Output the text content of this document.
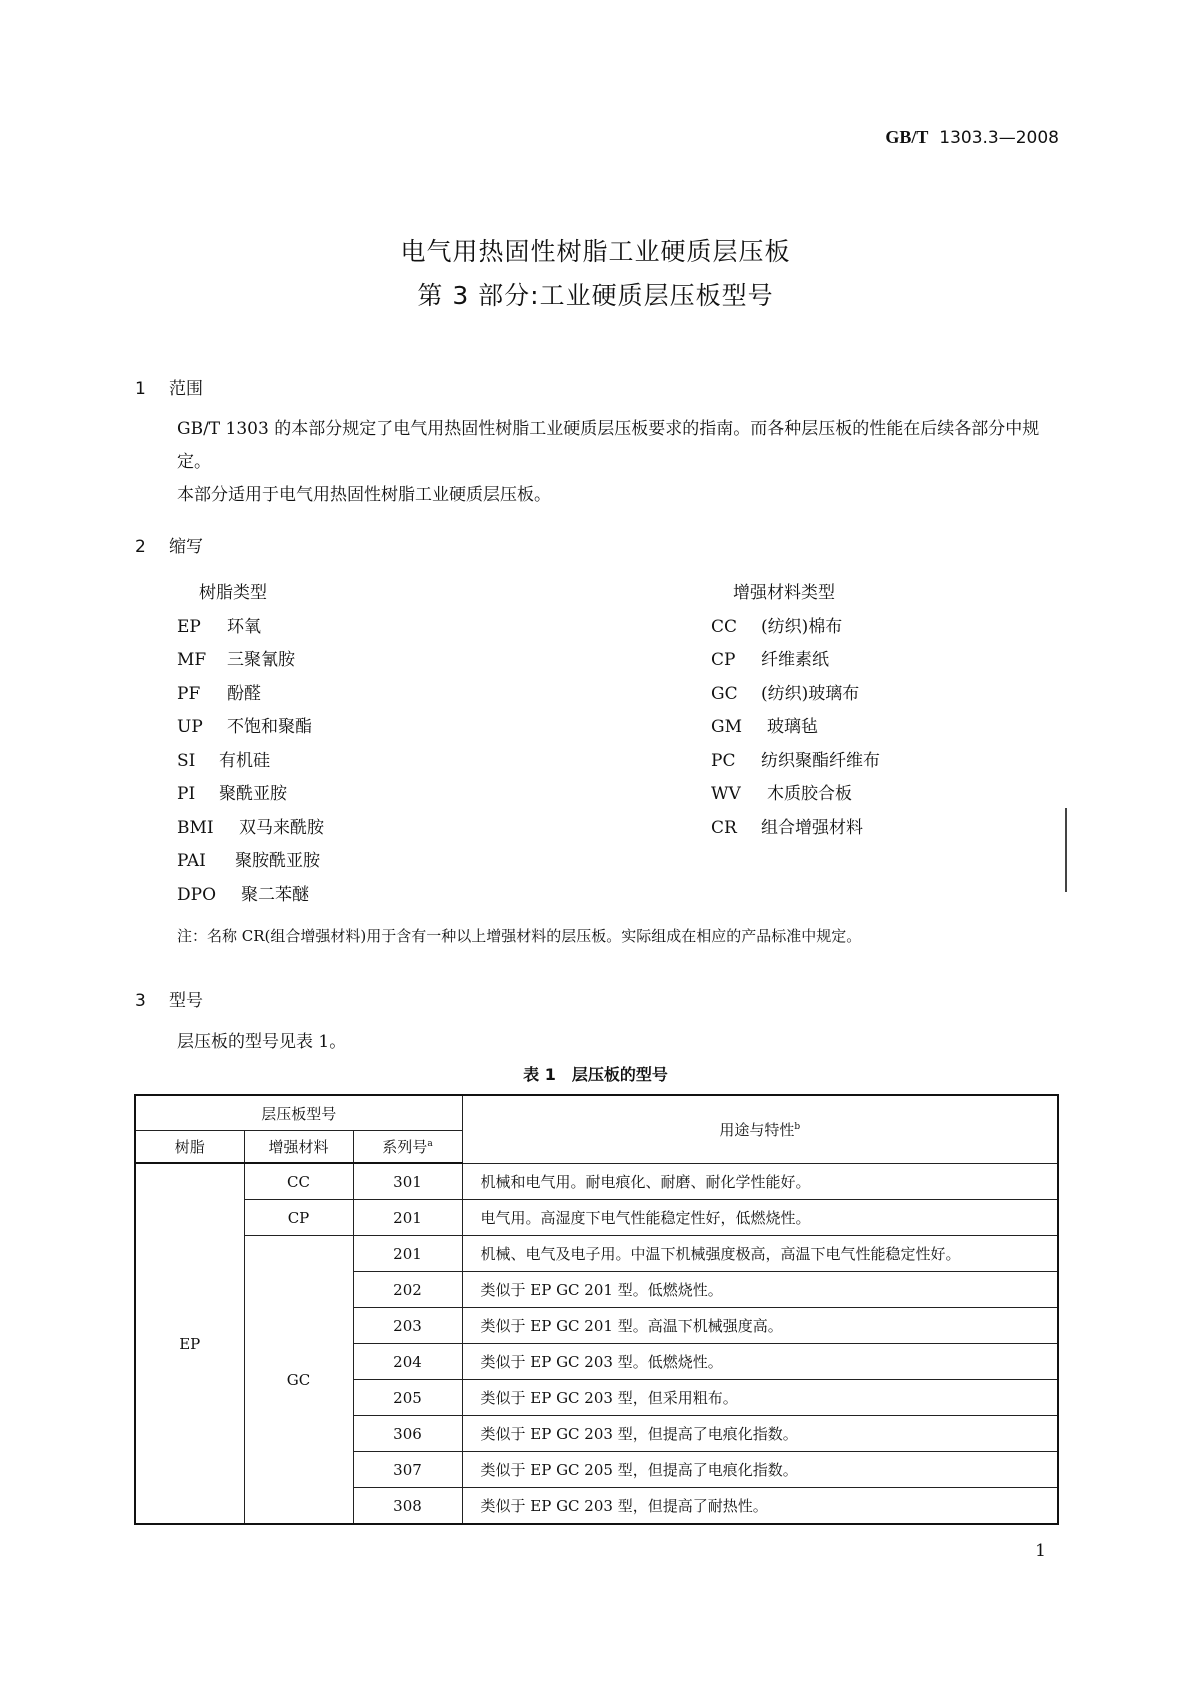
GB/T 1303.3—2008
电气用热固性树脂工业硬质层压板
第 3 部分:工业硬质层压板型号
1 范围
GB/T 1303 的本部分规定了电气用热固性树脂工业硬质层压板要求的指南。而各种层压板的性能在后续各部分中规定。
本部分适用于电气用热固性树脂工业硬质层压板。
2 缩写
树脂类型
EP 环氧
MF 三聚氰胺
PF 酚醛
UP 不饱和聚酯
SI 有机硅
PI 聚酰亚胺
BMI 双马来酰胺
PAI 聚胺酰亚胺
DPO 聚二苯醚
增强材料类型
CC (纺织)棉布
CP 纤维素纸
GC (纺织)玻璃布
GM 玻璃毡
PC 纺织聚酯纤维布
WV 木质胶合板
CR 组合增强材料
注：名称 CR(组合增强材料)用于含有一种以上增强材料的层压板。实际组成在相应的产品标准中规定。
3 型号
层压板的型号见表 1。
表 1　层压板的型号
层压板型号			用途与特性$^b$
树脂	增强材料	系列号$^a$
EP	CC	301	机械和电气用。耐电痕化、耐磨、耐化学性能好。
	CP	201	电气用。高湿度下电气性能稳定性好，低燃烧性。
	GC	201	机械、电气及电子用。中温下机械强度极高，高温下电气性能稳定性好。
		202	类似于 EP GC 201 型。低燃烧性。
		203	类似于 EP GC 201 型。高温下机械强度高。
		204	类似于 EP GC 203 型。低燃烧性。
		205	类似于 EP GC 203 型，但采用粗布。
		306	类似于 EP GC 203 型，但提高了电痕化指数。
		307	类似于 EP GC 205 型，但提高了电痕化指数。
		308	类似于 EP GC 203 型，但提高了耐热性。
1
